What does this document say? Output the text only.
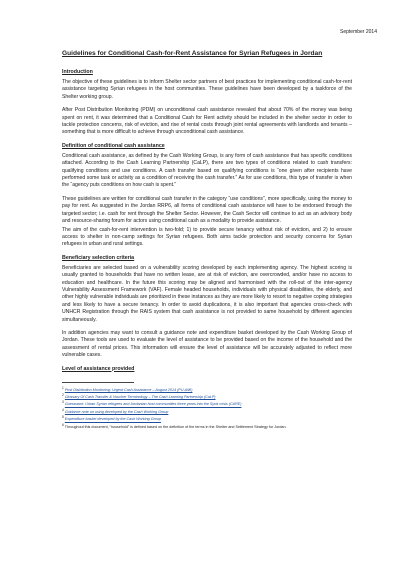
September 2014
Guidelines for Conditional Cash-for-Rent Assistance for Syrian Refugees in Jordan
Introduction

The objective of these guidelines is to inform Shelter sector partners of best practices for implementing conditional cash-for-rent assistance targeting Syrian refugees in the host communities. These guidelines have been developed by a taskforce of the Shelter working group.

After Post Distribution Monitoring (PDM) on unconditional cash assistance revealed that about 70% of the money was being spent on rent, it was determined that a Conditional Cash for Rent activity should be included in the shelter sector in order to tackle protection concerns, risk of eviction, and rise of rental costs through joint rental agreements with landlords and tenants – something that is more difficult to achieve through unconditional cash assistance.

Definition of conditional cash assistance

Conditional cash assistance, as defined by the Cash Working Group, is any form of cash assistance that has specific conditions attached. According to the Cash Learning Partnership (CaLP), there are two types of conditions related to cash transfers: qualifying conditions and use conditions. A cash transfer based on qualifying conditions is “one given after recipients have performed some task or activity as a condition of receiving the cash transfer.” As for use conditions, this type of transfer is when the “agency puts conditions on how cash is spent.”

These guidelines are written for conditional cash transfer in the category “use conditions”, more specifically, using the money to pay for rent. As suggested in the Jordan RRP6, all forms of conditional cash assistance will have to be endorsed through the targeted sector; i.e. cash for rent through the Shelter Sector. However, the Cash Sector will continue to act as an advisory body and resource-sharing forum for actors using conditional cash as a modality to provide assistance.

The aim of the cash-for-rent intervention is two-fold; 1) to provide secure tenancy without risk of eviction, and 2) to ensure access to shelter in non-camp settings for Syrian refugees. Both aims tackle protection and security concerns for Syrian refugees in urban and rural settings.

Beneficiary selection criteria

Beneficiaries are selected based on a vulnerability scoring developed by each implementing agency. The highest scoring is usually granted to households that have no written lease, are at risk of eviction, are overcrowded, and/or have no access to education and healthcare. In the future this scoring may be aligned and harmonised with the roll-out of the inter-agency Vulnerability Assessment Framework (VAF). Female headed households, individuals with physical disabilities, the elderly, and other highly vulnerable individuals are prioritized in these instances as they are more likely to resort to negative coping strategies and less likely to have a secure tenancy. In order to avoid duplications, it is also important that agencies cross-check with UNHCR Registration through the RAIS system that cash assistance is not provided to same household by different agencies simultaneously.

In addition agencies may want to consult a guidance note and expenditure basket developed by the Cash Working Group of Jordan. These tools are used to evaluate the level of assistance to be provided based on the income of the household and the assessment of rental prices. This information will ensure the level of assistance will be accurately adjusted to reflect more vulnerable cases.

Level of assistance provided

$^1$ Post Distribution Monitoring: Urgent Cash Assistance – August 2014 (PU-AMI)

$^2$ Glossary Of Cash Transfer & Voucher Terminology – The Cash Learning Partnership (CaLP)

$^3$ Guesswork: Urban Syrian refugees and Jordanian host communities three years into the Syria crisis (CARE)

$^4$ Guidance note on using developed by the Cash Working Group

$^5$ Expenditure basket developed by the Cash Working Group

$^6$ Throughout this document, “household” is defined based on the definition of the terms in the Shelter and Settlement Strategy for Jordan.
